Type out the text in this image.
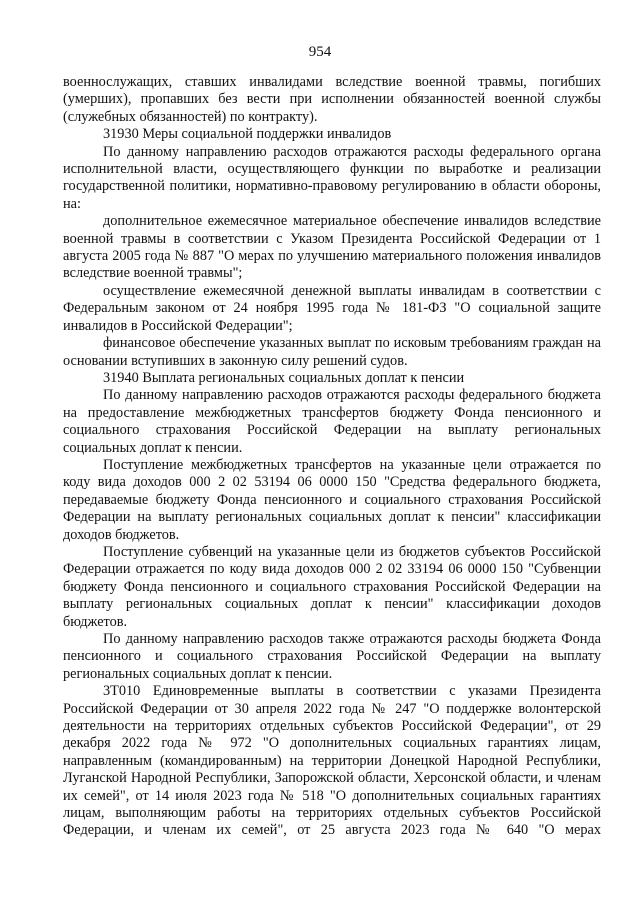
954

военнослужащих, ставших инвалидами вследствие военной травмы, погибших (умерших), пропавших без вести при исполнении обязанностей военной службы (служебных обязанностей) по контракту).

31930 Меры социальной поддержки инвалидов

По данному направлению расходов отражаются расходы федерального органа исполнительной власти, осуществляющего функции по выработке и реализации государственной политики, нормативно-правовому регулированию в области обороны, на:

дополнительное ежемесячное материальное обеспечение инвалидов вследствие военной травмы в соответствии с Указом Президента Российской Федерации от 1 августа 2005 года № 887 "О мерах по улучшению материального положения инвалидов вследствие военной травмы";

осуществление ежемесячной денежной выплаты инвалидам в соответствии с Федеральным законом от 24 ноября 1995 года № 181-ФЗ "О социальной защите инвалидов в Российской Федерации";

финансовое обеспечение указанных выплат по исковым требованиям граждан на основании вступивших в законную силу решений судов.

31940 Выплата региональных социальных доплат к пенсии

По данному направлению расходов отражаются расходы федерального бюджета на предоставление межбюджетных трансфертов бюджету Фонда пенсионного и социального страхования Российской Федерации на выплату региональных социальных доплат к пенсии.

Поступление межбюджетных трансфертов на указанные цели отражается по коду вида доходов 000 2 02 53194 06 0000 150 "Средства федерального бюджета, передаваемые бюджету Фонда пенсионного и социального страхования Российской Федерации на выплату региональных социальных доплат к пенсии" классификации доходов бюджетов.

Поступление субвенций на указанные цели из бюджетов субъектов Российской Федерации отражается по коду вида доходов 000 2 02 33194 06 0000 150 "Субвенции бюджету Фонда пенсионного и социального страхования Российской Федерации на выплату региональных социальных доплат к пенсии" классификации доходов бюджетов.

По данному направлению расходов также отражаются расходы бюджета Фонда пенсионного и социального страхования Российской Федерации на выплату региональных социальных доплат к пенсии.

3Т010 Единовременные выплаты в соответствии с указами Президента Российской Федерации от 30 апреля 2022 года № 247 "О поддержке волонтерской деятельности на территориях отдельных субъектов Российской Федерации", от 29 декабря 2022 года № 972 "О дополнительных социальных гарантиях лицам, направленным (командированным) на территории Донецкой Народной Республики, Луганской Народной Республики, Запорожской области, Херсонской области, и членам их семей", от 14 июля 2023 года № 518 "О дополнительных социальных гарантиях лицам, выполняющим работы на территориях отдельных субъектов Российской Федерации, и членам их семей", от 25 августа 2023 года № 640 "О мерах
